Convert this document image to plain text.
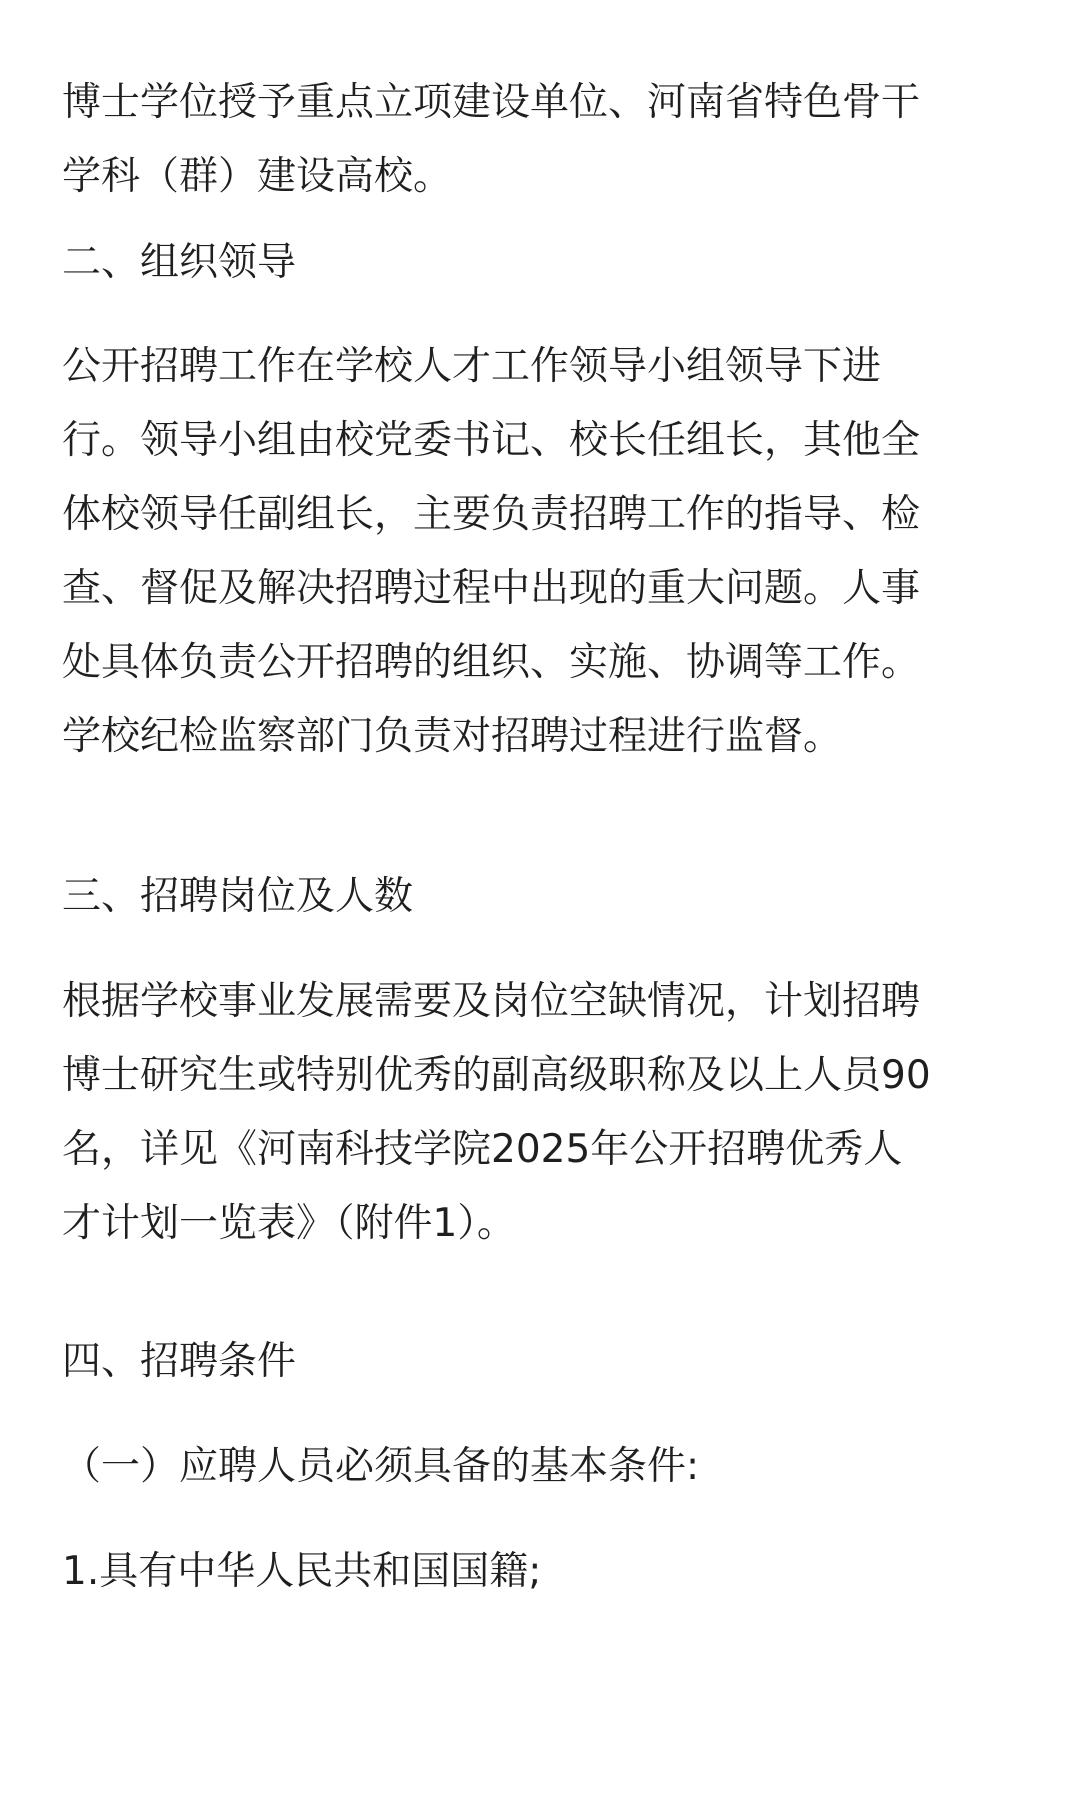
博士学位授予重点立项建设单位、河南省特色骨干
学科（群）建设高校。

二、组织领导

公开招聘工作在学校人才工作领导小组领导下进
行。领导小组由校党委书记、校长任组长，其他全
体校领导任副组长，主要负责招聘工作的指导、检
查、督促及解决招聘过程中出现的重大问题。人事
处具体负责公开招聘的组织、实施、协调等工作。
学校纪检监察部门负责对招聘过程进行监督。

三、招聘岗位及人数

根据学校事业发展需要及岗位空缺情况，计划招聘
博士研究生或特别优秀的副高级职称及以上人员90
名，详见《河南科技学院2025年公开招聘优秀人
才计划一览表》（附件1）。

四、招聘条件

（一）应聘人员必须具备的基本条件:

1.具有中华人民共和国国籍;
